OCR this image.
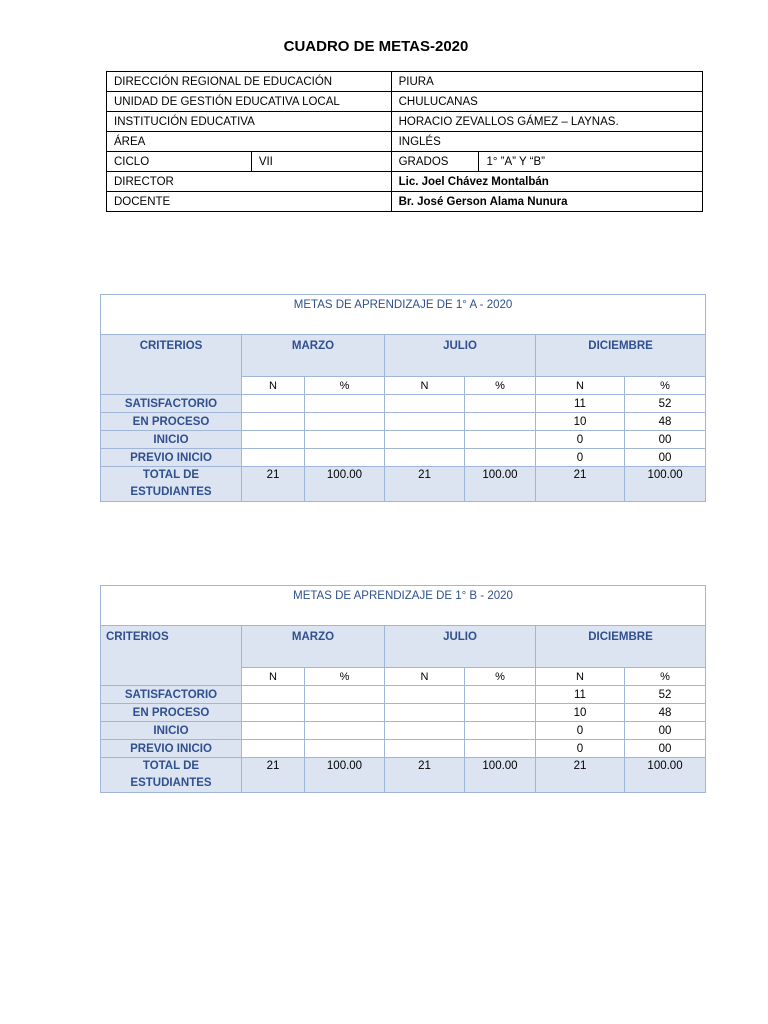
CUADRO DE METAS-2020
DIRECCIÓN REGIONAL DE EDUCACIÓN		PIURA	
UNIDAD DE GESTIÓN EDUCATIVA LOCAL		CHULUCANAS	
INSTITUCIÓN EDUCATIVA		HORACIO ZEVALLOS GÁMEZ – LAYNAS.	
ÁREA		INGLÉS	
CICLO	VII	GRADOS	1° ”A” Y “B”
DIRECTOR		Lic. Joel Chávez Montalbán	
DOCENTE		Br. José Gerson Alama Nunura	
METAS DE APRENDIZAJE DE 1° A - 2020						
CRITERIOS	MARZO		JULIO		DICIEMBRE	
	N	%	N	%	N	%
SATISFACTORIO					11	52
EN PROCESO					10	48
INICIO					0	00
PREVIO INICIO					0	00
TOTAL DE
ESTUDIANTES	21	100.00	21	100.00	21	100.00
METAS DE APRENDIZAJE DE 1° B - 2020						
CRITERIOS	MARZO		JULIO		DICIEMBRE	
	N	%	N	%	N	%
SATISFACTORIO					11	52
EN PROCESO					10	48
INICIO					0	00
PREVIO INICIO					0	00
TOTAL DE
ESTUDIANTES	21	100.00	21	100.00	21	100.00
